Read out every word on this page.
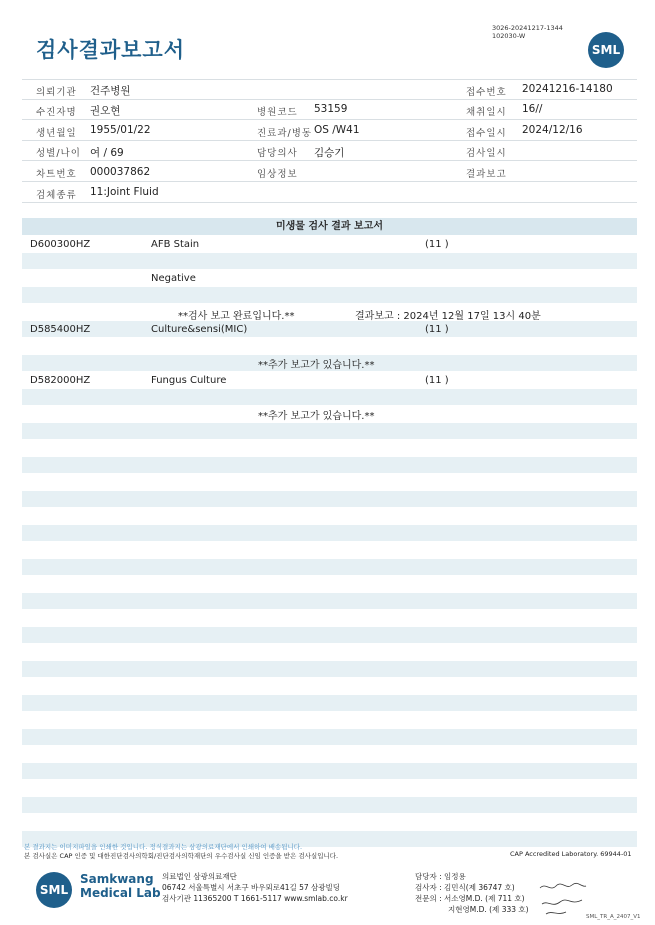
검사결과보고서
3026-20241217-1344
102030-W
SML
의뢰기관 건주병원	접수번호 20241216-14180
수진자명 권오현	병원코드 53159	채취일시 16//
생년월일 1955/01/22	진료과/병동 OS /W41	접수일시 2024/12/16
성별/나이 여 / 69	담당의사 김승기	검사일시
차트번호 000037862	임상정보	결과보고
검체종류 11:Joint Fluid
미생물 검사 결과 보고서
D600300HZ	AFB Stain	(11 )
Negative
**검사 보고 완료입니다.**	결과보고 : 2024년 12월 17일 13시 40분
D585400HZ	Culture&sensi(MIC)	(11 )
**추가 보고가 있습니다.**
D582000HZ	Fungus Culture	(11 )
**추가 보고가 있습니다.**
본 결과지는 이미지파일을 인쇄한 것입니다. 정식결과지는 삼광의료재단에서 인쇄하여 배송됩니다.
본 검사실은 CAP 인증 및 대한진단검사의학회/진단검사의학재단의 우수검사실 신임 인증을 받은 검사실입니다.	CAP Accredited Laboratory. 69944-01
SML
Samkwang
Medical Lab
의료법인 삼광의료재단
06742 서울특별시 서초구 바우뫼로41길 57 삼광빌딩
검사기관 11365200 T 1661-5117 www.smlab.co.kr
담당자 : 임정용
검사자 : 김민식(제 36747 호)
전문의 : 서소영M.D. (제 711 호)
지현영M.D. (제 333 호)
SML_TR_A_2407_V1
